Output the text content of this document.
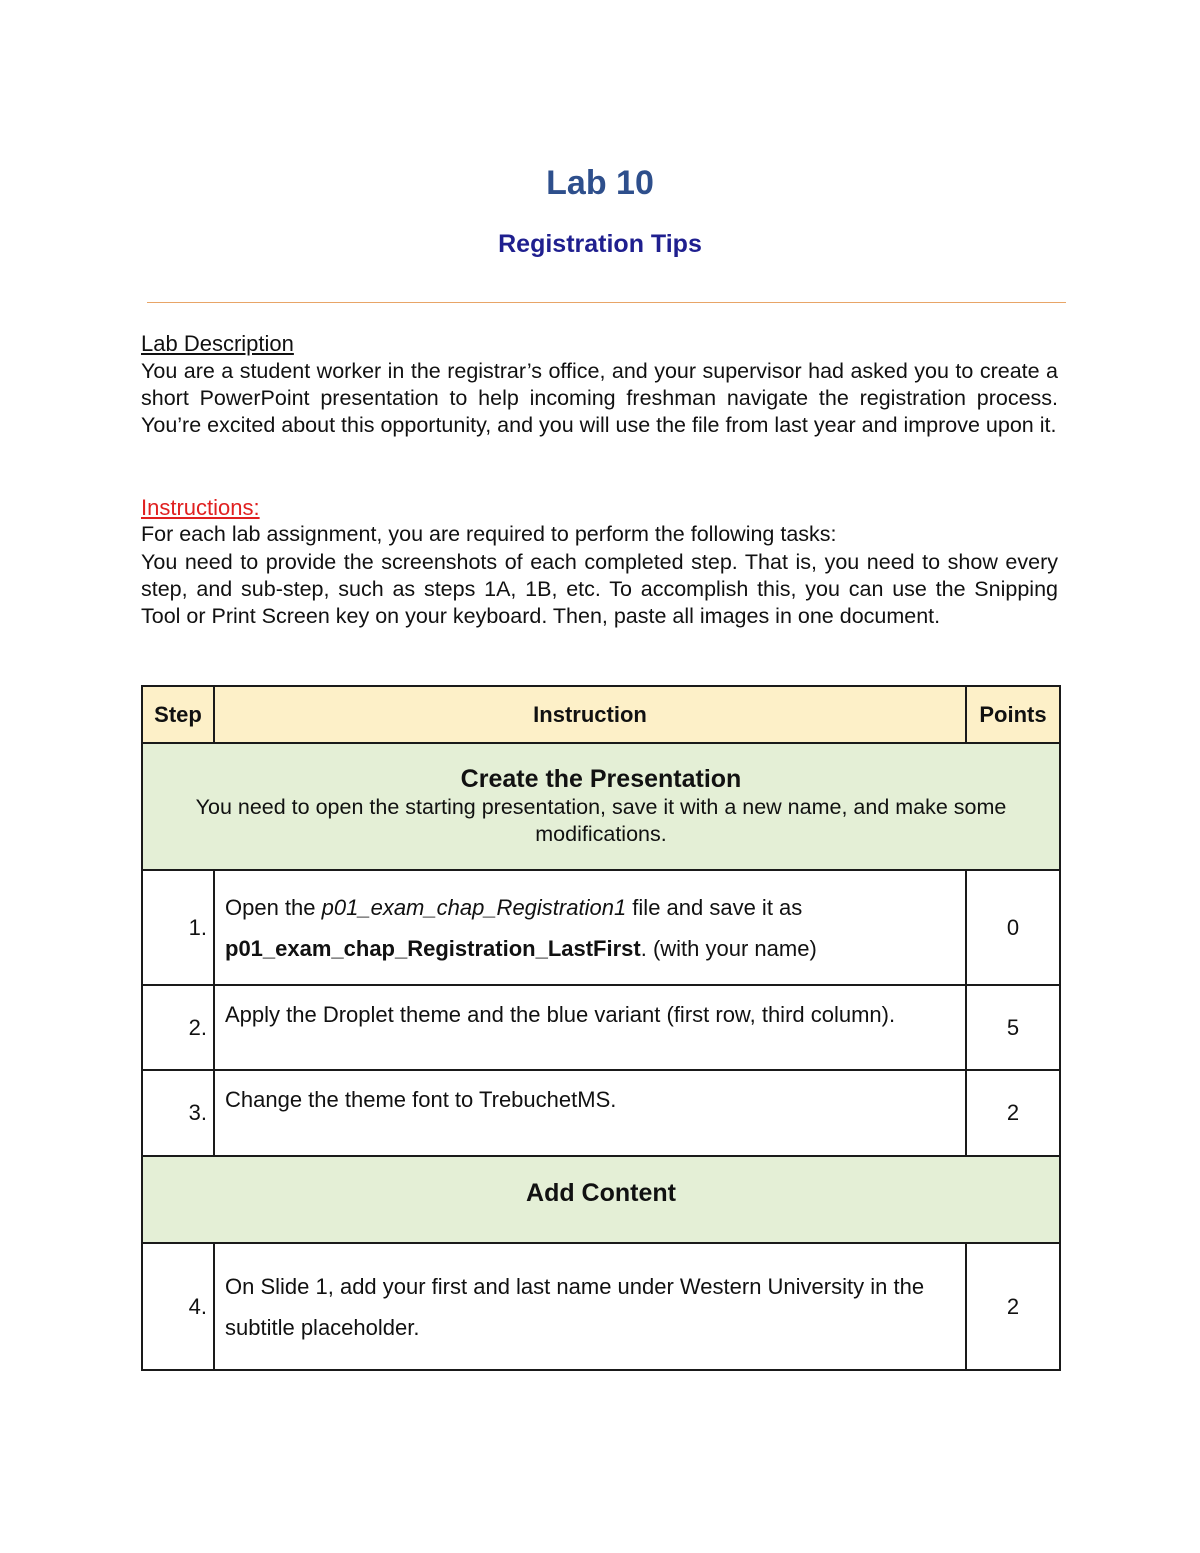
Lab 10
Registration Tips
Lab Description
You are a student worker in the registrar’s office, and your supervisor had asked you to create a short PowerPoint presentation to help incoming freshman navigate the registration process. You’re excited about this opportunity, and you will use the file from last year and improve upon it.
Instructions:
For each lab assignment, you are required to perform the following tasks:
You need to provide the screenshots of each completed step. That is, you need to show every step, and sub-step, such as steps 1A, 1B, etc. To accomplish this, you can use the Snipping Tool or Print Screen key on your keyboard. Then, paste all images in one document.
Step	Instruction	Points

Create the Presentation
You need to open the starting presentation, save it with a new name, and make some modifications.		

1.	Open the p01_exam_chap_Registration1 file and save it as
p01_exam_chap_Registration_LastFirst. (with your name)	0
2.	Apply the Droplet theme and the blue variant (first row, third column).	5
3.	Change the theme font to TrebuchetMS.	2

Add Content		

4.	On Slide 1, add your first and last name under Western University in the subtitle placeholder.	2
